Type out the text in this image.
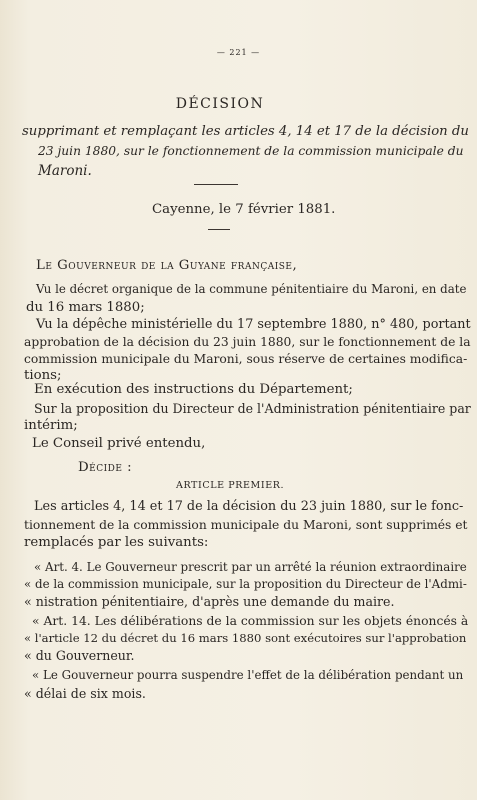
— 221 —
DÉCISION
supprimant et remplaçant les articles 4, 14 et 17 de la décision du
23 juin 1880, sur le fonctionnement de la commission municipale du
Maroni.
Cayenne, le 7 février 1881.
Le Gouverneur de la Guyane française,
Vu le décret organique de la commune pénitentiaire du Maroni, en date
du 16 mars 1880;
Vu la dépêche ministérielle du 17 septembre 1880, n° 480, portant
approbation de la décision du 23 juin 1880, sur le fonctionnement de la
commission municipale du Maroni, sous réserve de certaines modifica-
tions;
En exécution des instructions du Département;
Sur la proposition du Directeur de l'Administration pénitentiaire par
intérim;
Le Conseil privé entendu,
Décide :
ARTICLE PREMIER.
Les articles 4, 14 et 17 de la décision du 23 juin 1880, sur le fonc-
tionnement de la commission municipale du Maroni, sont supprimés et
remplacés par les suivants:
« Art. 4. Le Gouverneur prescrit par un arrêté la réunion extraordinaire
« de la commission municipale, sur la proposition du Directeur de l'Admi-
« nistration pénitentiaire, d'après une demande du maire.
« Art. 14. Les délibérations de la commission sur les objets énoncés à
« l'article 12 du décret du 16 mars 1880 sont exécutoires sur l'approbation
« du Gouverneur.
« Le Gouverneur pourra suspendre l'effet de la délibération pendant un
« délai de six mois.
